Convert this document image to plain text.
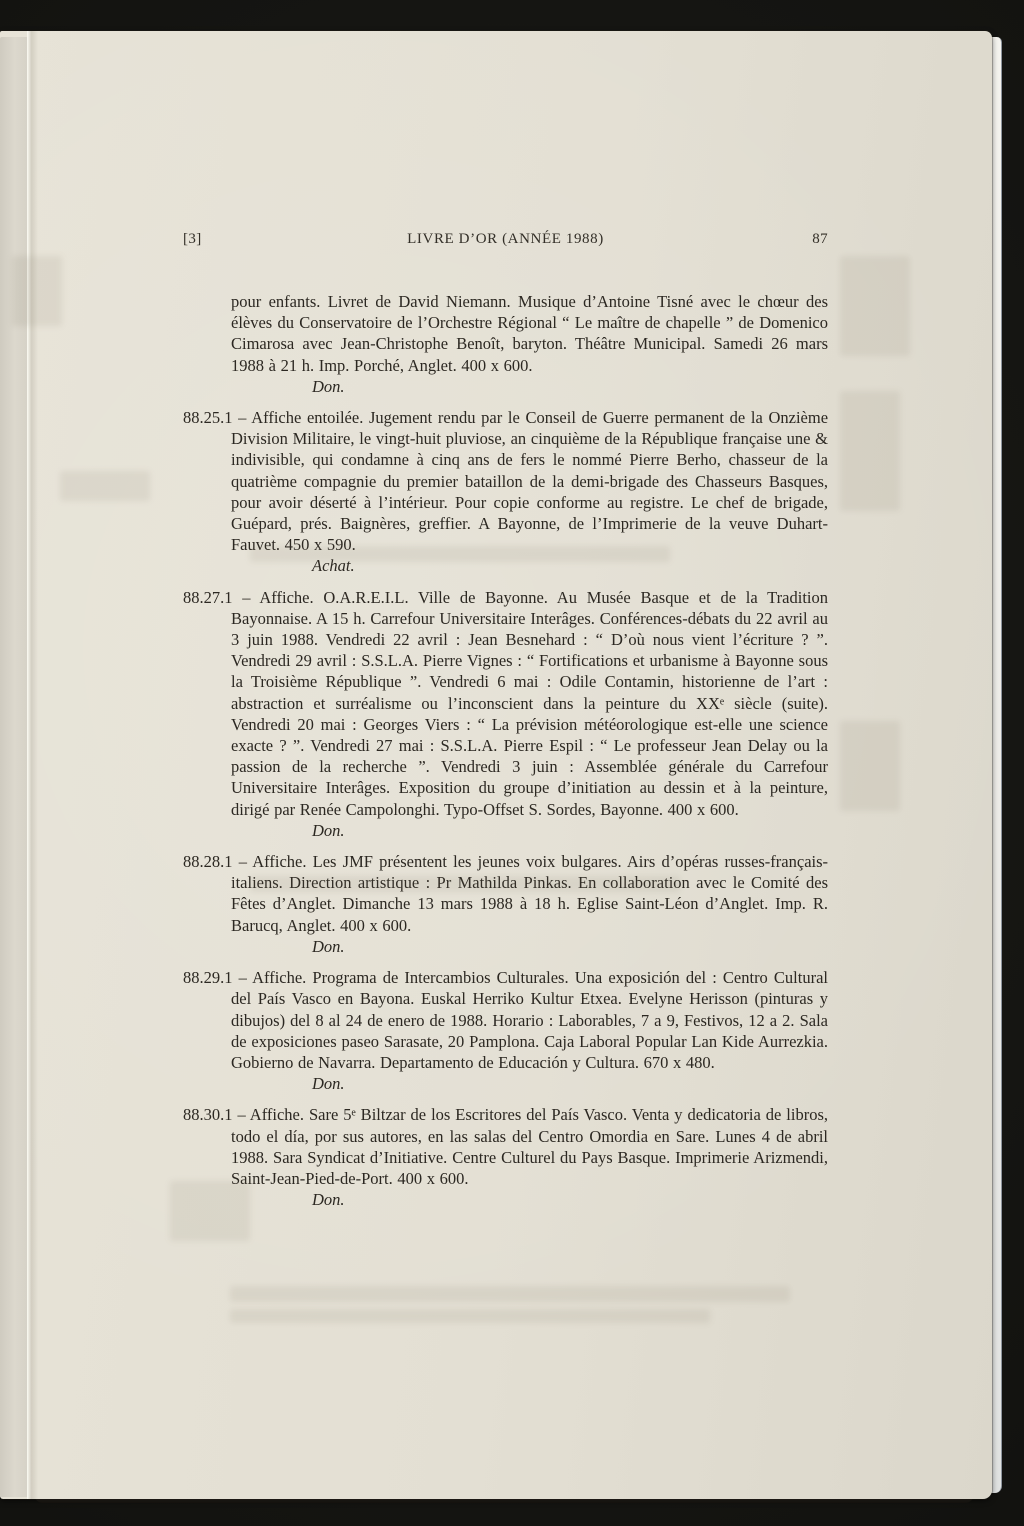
[3]	LIVRE D’OR (ANNÉE 1988)	87

pour enfants. Livret de David Niemann. Musique d’Antoine Tisné avec le chœur des élèves du Conservatoire de l’Orchestre Régional “ Le maître de chapelle ” de Domenico Cimarosa avec Jean-Christophe Benoît, baryton. Théâtre Municipal. Samedi 26 mars 1988 à 21 h. Imp. Porché, Anglet. 400 x 600.

Don.

88.25.1 – Affiche entoilée. Jugement rendu par le Conseil de Guerre permanent de la Onzième Division Militaire, le vingt-huit pluviose, an cinquième de la République française une & indivisible, qui condamne à cinq ans de fers le nommé Pierre Berho, chasseur de la quatrième compagnie du premier bataillon de la demi-brigade des Chasseurs Basques, pour avoir déserté à l’intérieur. Pour copie conforme au registre. Le chef de brigade, Guépard, prés. Baignères, greffier. A Bayonne, de l’Imprimerie de la veuve Duhart-Fauvet. 450 x 590.

Achat.

88.27.1 – Affiche. O.A.R.E.I.L. Ville de Bayonne. Au Musée Basque et de la Tradition Bayonnaise. A 15 h. Carrefour Universitaire Interâges. Conférences-débats du 22 avril au 3 juin 1988. Vendredi 22 avril : Jean Besnehard : “ D’où nous vient l’écriture ? ”. Vendredi 29 avril : S.S.L.A. Pierre Vignes : “ Fortifications et urbanisme à Bayonne sous la Troisième République ”. Vendredi 6 mai : Odile Contamin, historienne de l’art : abstraction et surréalisme ou l’inconscient dans la peinture du XXᵉ siècle (suite). Vendredi 20 mai : Georges Viers : “ La prévision météorologique est-elle une science exacte ? ”. Vendredi 27 mai : S.S.L.A. Pierre Espil : “ Le professeur Jean Delay ou la passion de la recherche ”. Vendredi 3 juin : Assemblée générale du Carrefour Universitaire Interâges. Exposition du groupe d’initiation au dessin et à la peinture, dirigé par Renée Campolonghi. Typo-Offset S. Sordes, Bayonne. 400 x 600.

Don.

88.28.1 – Affiche. Les JMF présentent les jeunes voix bulgares. Airs d’opéras russes-français-italiens. Direction artistique : Pr Mathilda Pinkas. En collaboration avec le Comité des Fêtes d’Anglet. Dimanche 13 mars 1988 à 18 h. Eglise Saint-Léon d’Anglet. Imp. R. Barucq, Anglet. 400 x 600.

Don.

88.29.1 – Affiche. Programa de Intercambios Culturales. Una exposición del : Centro Cultural del País Vasco en Bayona. Euskal Herriko Kultur Etxea. Evelyne Herisson (pinturas y dibujos) del 8 al 24 de enero de 1988. Horario : Laborables, 7 a 9, Festivos, 12 a 2. Sala de exposiciones paseo Sarasate, 20 Pamplona. Caja Laboral Popular Lan Kide Aurrezkia. Gobierno de Navarra. Departamento de Educación y Cultura. 670 x 480.

Don.

88.30.1 – Affiche. Sare 5ᵉ Biltzar de los Escritores del País Vasco. Venta y dedicatoria de libros, todo el día, por sus autores, en las salas del Centro Omordia en Sare. Lunes 4 de abril 1988. Sara Syndicat d’Initiative. Centre Culturel du Pays Basque. Imprimerie Arizmendi, Saint-Jean-Pied-de-Port. 400 x 600.

Don.
